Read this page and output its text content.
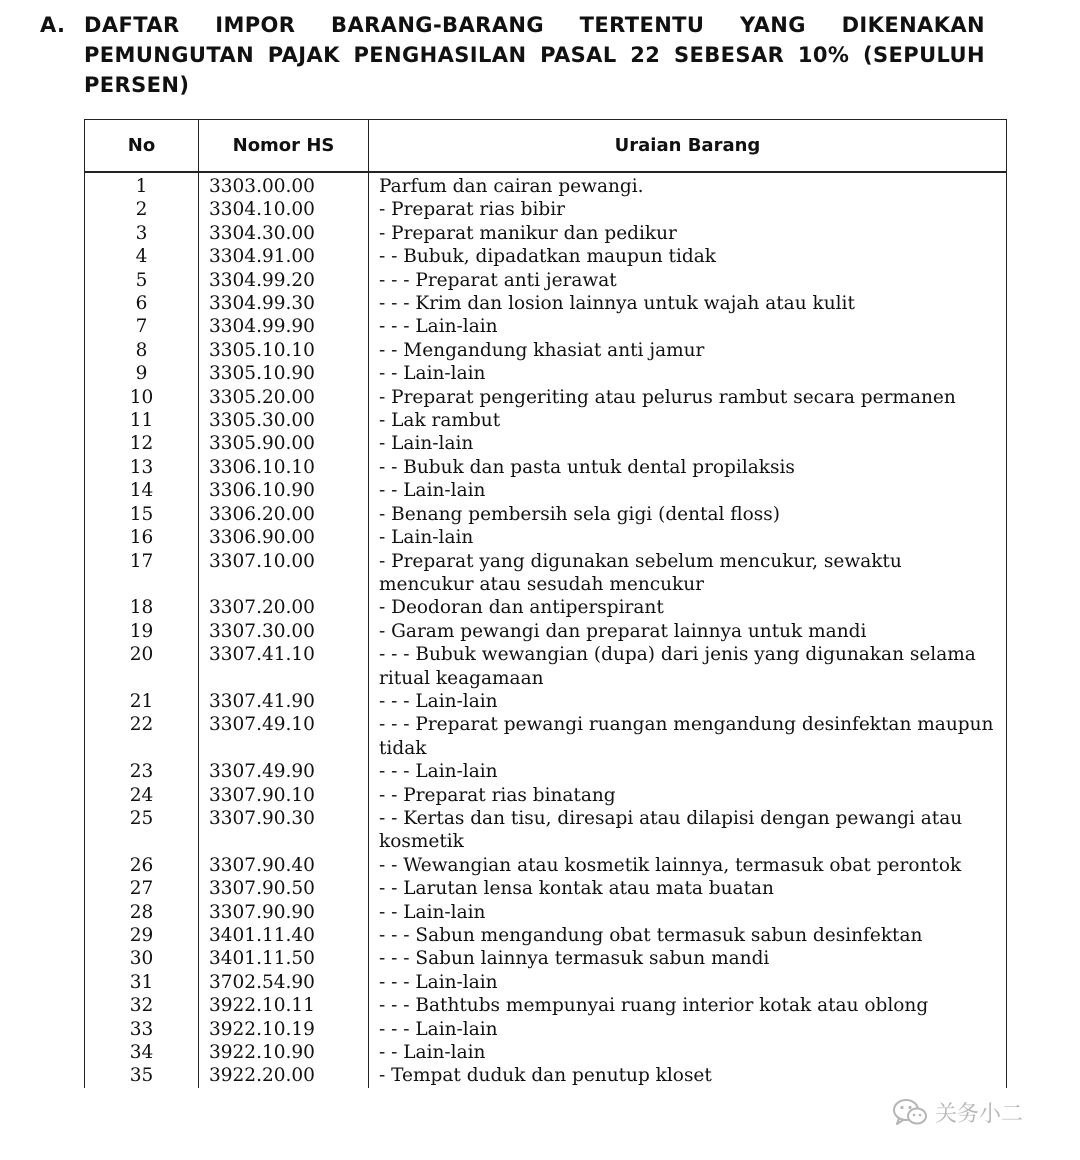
A. DAFTAR IMPOR BARANG-BARANG TERTENTU YANG DIKENAKAN PEMUNGUTAN PAJAK PENGHASILAN PASAL 22 SEBESAR 10% (SEPULUH PERSEN)
No	Nomor HS	Uraian Barang
1	3303.00.00	Parfum dan cairan pewangi.
2	3304.10.00	- Preparat rias bibir
3	3304.30.00	- Preparat manikur dan pedikur
4	3304.91.00	- - Bubuk, dipadatkan maupun tidak
5	3304.99.20	- - - Preparat anti jerawat
6	3304.99.30	- - - Krim dan losion lainnya untuk wajah atau kulit
7	3304.99.90	- - - Lain-lain
8	3305.10.10	- - Mengandung khasiat anti jamur
9	3305.10.90	- - Lain-lain
10	3305.20.00	- Preparat pengeriting atau pelurus rambut secara permanen
11	3305.30.00	- Lak rambut
12	3305.90.00	- Lain-lain
13	3306.10.10	- - Bubuk dan pasta untuk dental propilaksis
14	3306.10.90	- - Lain-lain
15	3306.20.00	- Benang pembersih sela gigi (dental floss)
16	3306.90.00	- Lain-lain
17	3307.10.00	- Preparat yang digunakan sebelum mencukur, sewaktu mencukur atau sesudah mencukur
18	3307.20.00	- Deodoran dan antiperspirant
19	3307.30.00	- Garam pewangi dan preparat lainnya untuk mandi
20	3307.41.10	- - - Bubuk wewangian (dupa) dari jenis yang digunakan selama ritual keagamaan
21	3307.41.90	- - - Lain-lain
22	3307.49.10	- - - Preparat pewangi ruangan mengandung desinfektan maupun tidak
23	3307.49.90	- - - Lain-lain
24	3307.90.10	- - Preparat rias binatang
25	3307.90.30	- - Kertas dan tisu, diresapi atau dilapisi dengan pewangi atau kosmetik
26	3307.90.40	- - Wewangian atau kosmetik lainnya, termasuk obat perontok
27	3307.90.50	- - Larutan lensa kontak atau mata buatan
28	3307.90.90	- - Lain-lain
29	3401.11.40	- - - Sabun mengandung obat termasuk sabun desinfektan
30	3401.11.50	- - - Sabun lainnya termasuk sabun mandi
31	3702.54.90	- - - Lain-lain
32	3922.10.11	- - - Bathtubs mempunyai ruang interior kotak atau oblong
33	3922.10.19	- - - Lain-lain
34	3922.10.90	- - Lain-lain
35	3922.20.00	- Tempat duduk dan penutup kloset
关务小二
